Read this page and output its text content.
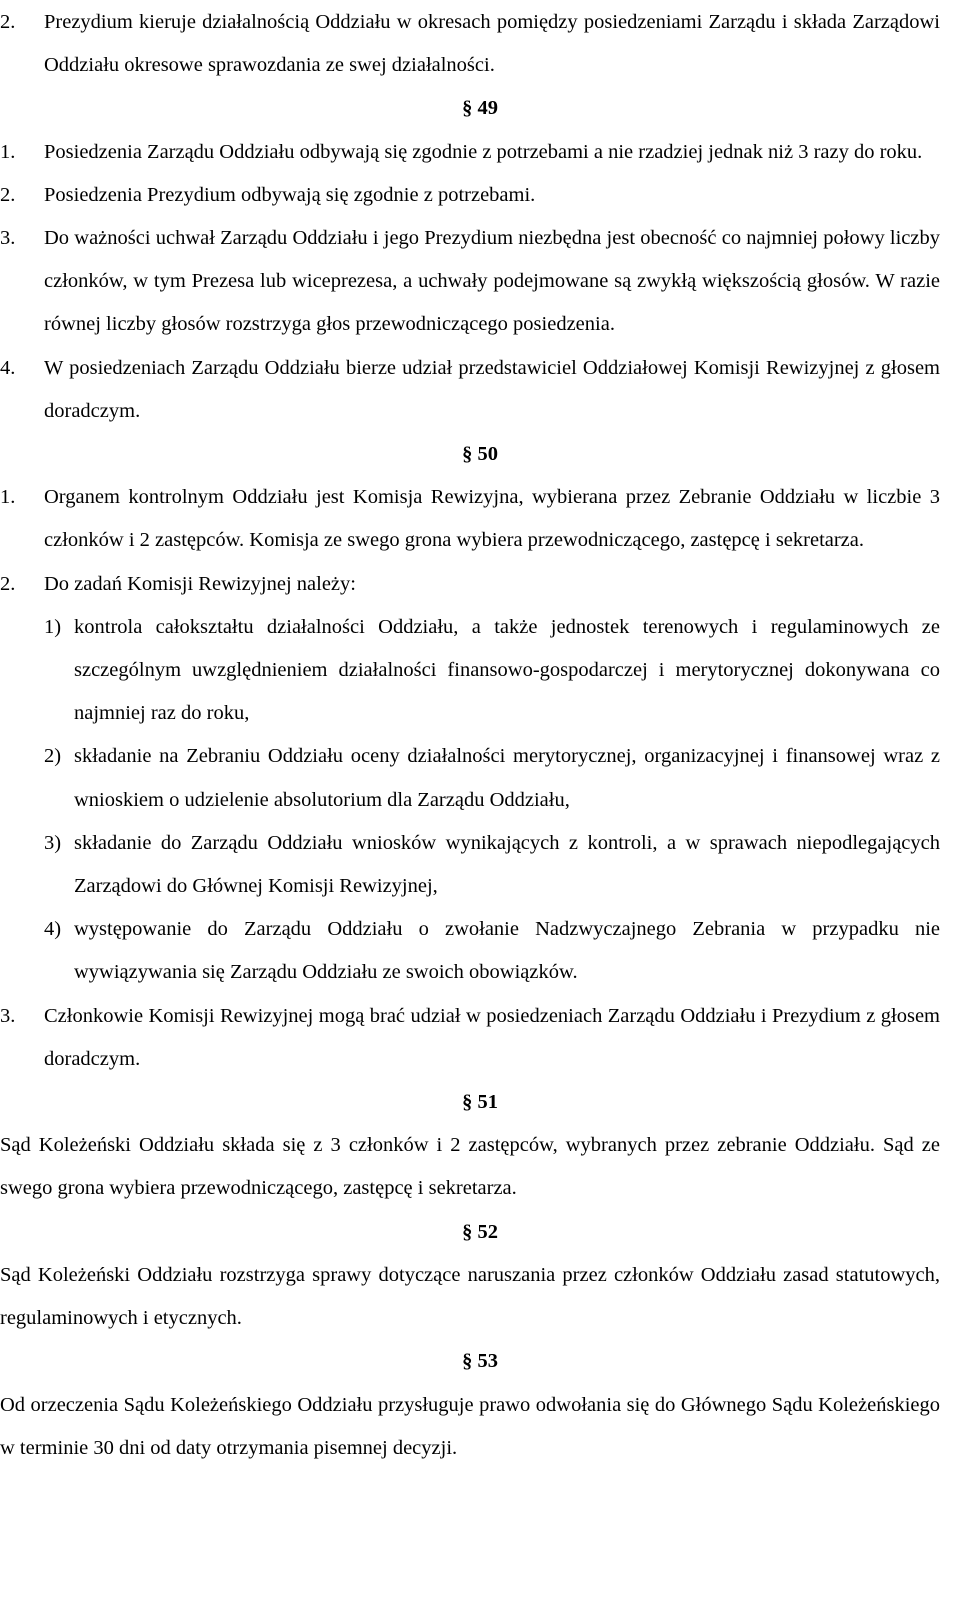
2.	Prezydium kieruje działalnością Oddziału w okresach pomiędzy posiedzeniami Zarządu i składa Zarządowi Oddziału okresowe sprawozdania ze swej działalności.
§ 49
1.	Posiedzenia Zarządu Oddziału odbywają się zgodnie z potrzebami a nie rzadziej jednak niż 3 razy do roku.
2.	Posiedzenia Prezydium odbywają się zgodnie z potrzebami.
3.	Do ważności uchwał Zarządu Oddziału i jego Prezydium niezbędna jest obecność co najmniej połowy liczby członków, w tym Prezesa lub wiceprezesa, a uchwały podejmowane są zwykłą większością głosów. W razie równej liczby głosów rozstrzyga głos przewodniczącego posiedzenia.
4.	W posiedzeniach Zarządu Oddziału bierze udział przedstawiciel Oddziałowej Komisji Rewizyjnej z głosem doradczym.
§ 50
1.	Organem kontrolnym Oddziału jest Komisja Rewizyjna, wybierana przez Zebranie Oddziału w liczbie 3 członków i 2 zastępców. Komisja ze swego grona wybiera przewodniczącego, zastępcę i sekretarza.
2.	Do zadań Komisji Rewizyjnej należy:
1) kontrola całokształtu działalności Oddziału, a także jednostek terenowych i regulaminowych ze szczególnym uwzględnieniem działalności finansowo-gospodarczej i merytorycznej dokonywana co najmniej raz do roku,
2) składanie na Zebraniu Oddziału oceny działalności merytorycznej, organizacyjnej i finansowej wraz z wnioskiem o udzielenie absolutorium dla Zarządu Oddziału,
3) składanie do Zarządu Oddziału wniosków wynikających z kontroli, a w sprawach niepodlegających Zarządowi do Głównej Komisji Rewizyjnej,
4) występowanie do Zarządu Oddziału o zwołanie Nadzwyczajnego Zebrania w przypadku nie wywiązywania się Zarządu Oddziału ze swoich obowiązków.
3.	Członkowie Komisji Rewizyjnej mogą brać udział w posiedzeniach Zarządu Oddziału i Prezydium z głosem doradczym.
§ 51
Sąd Koleżeński Oddziału składa się z 3 członków i 2 zastępców, wybranych przez zebranie Oddziału. Sąd ze swego grona wybiera przewodniczącego, zastępcę i sekretarza.
§ 52
Sąd Koleżeński Oddziału rozstrzyga sprawy dotyczące naruszania przez członków Oddziału zasad statutowych, regulaminowych i etycznych.
§ 53
Od orzeczenia Sądu Koleżeńskiego Oddziału przysługuje prawo odwołania się do Głównego Sądu Koleżeńskiego w terminie 30 dni od daty otrzymania pisemnej decyzji.
